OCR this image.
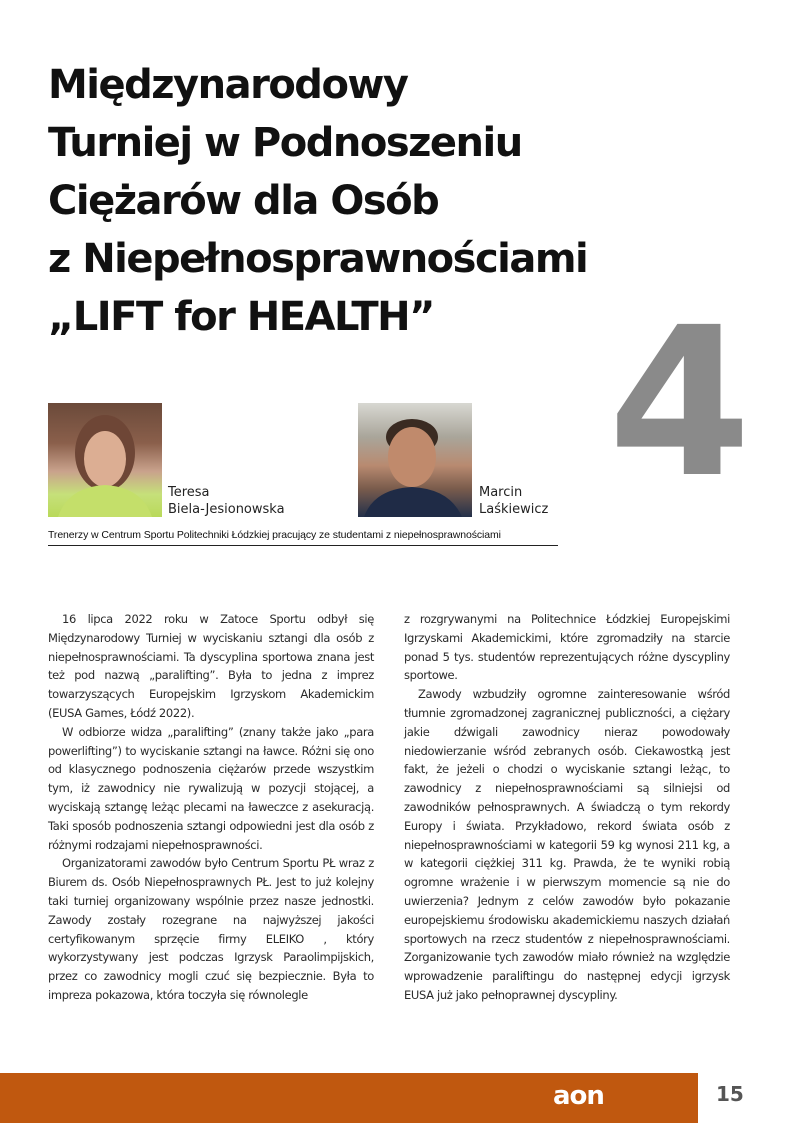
Międzynarodowy
Turniej w Podnoszeniu
Ciężarów dla Osób
z Niepełnosprawnościami
„LIFT for HEALTH” 4
Teresa
Biela-Jesionowska
Marcin
Laśkiewicz
Trenerzy w Centrum Sportu Politechniki Łódzkiej pracujący ze studentami z niepełnosprawnościami

16 lipca 2022 roku w Zatoce Sportu odbył się Międzynarodowy Turniej w wyciskaniu sztangi dla osób z niepełnosprawnościami. Ta dyscyplina sportowa znana jest też pod nazwą „paralifting”. Była to jedna z imprez towarzyszących Europejskim Igrzyskom Akademickim (EUSA Games, Łódź 2022).

W odbiorze widza „paralifting” (znany także jako „para powerlifting”) to wyciskanie sztangi na ławce. Różni się ono od klasycznego podnoszenia ciężarów przede wszystkim tym, iż zawodnicy nie rywalizują w pozycji stojącej, a wyciskają sztangę leżąc plecami na ławeczce z asekuracją. Taki sposób podnoszenia sztangi odpowiedni jest dla osób z różnymi rodzajami niepełnosprawności.

Organizatorami zawodów było Centrum Sportu PŁ wraz z Biurem ds. Osób Niepełnosprawnych PŁ. Jest to już kolejny taki turniej organizowany wspólnie przez nasze jednostki. Zawody zostały rozegrane na najwyższej jakości certyfikowanym sprzęcie firmy ELEIKO , który wykorzystywany jest podczas Igrzysk Paraolimpijskich, przez co zawodnicy mogli czuć się bezpiecznie. Była to impreza pokazowa, która toczyła się równolegle

z rozgrywanymi na Politechnice Łódzkiej Europejskimi Igrzyskami Akademickimi, które zgromadziły na starcie ponad 5 tys. studentów reprezentujących różne dyscypliny sportowe.

Zawody wzbudziły ogromne zainteresowanie wśród tłumnie zgromadzonej zagranicznej publiczności, a ciężary jakie dźwigali zawodnicy nieraz powodowały niedowierzanie wśród zebranych osób. Ciekawostką jest fakt, że jeżeli o chodzi o wyciskanie sztangi leżąc, to zawodnicy z niepełnosprawnościami są silniejsi od zawodników pełnosprawnych. A świadczą o tym rekordy Europy i świata. Przykładowo, rekord świata osób z niepełnosprawnościami w kategorii 59 kg wynosi 211 kg, a w kategorii ciężkiej 311 kg. Prawda, że te wyniki robią ogromne wrażenie i w pierwszym momencie są nie do uwierzenia? Jednym z celów zawodów było pokazanie europejskiemu środowisku akademickiemu naszych działań sportowych na rzecz studentów z niepełnosprawnościami. Zorganizowanie tych zawodów miało również na względzie wprowadzenie paraliftingu do następnej edycji igrzysk EUSA już jako pełnoprawnej dyscypliny.

aon	15
